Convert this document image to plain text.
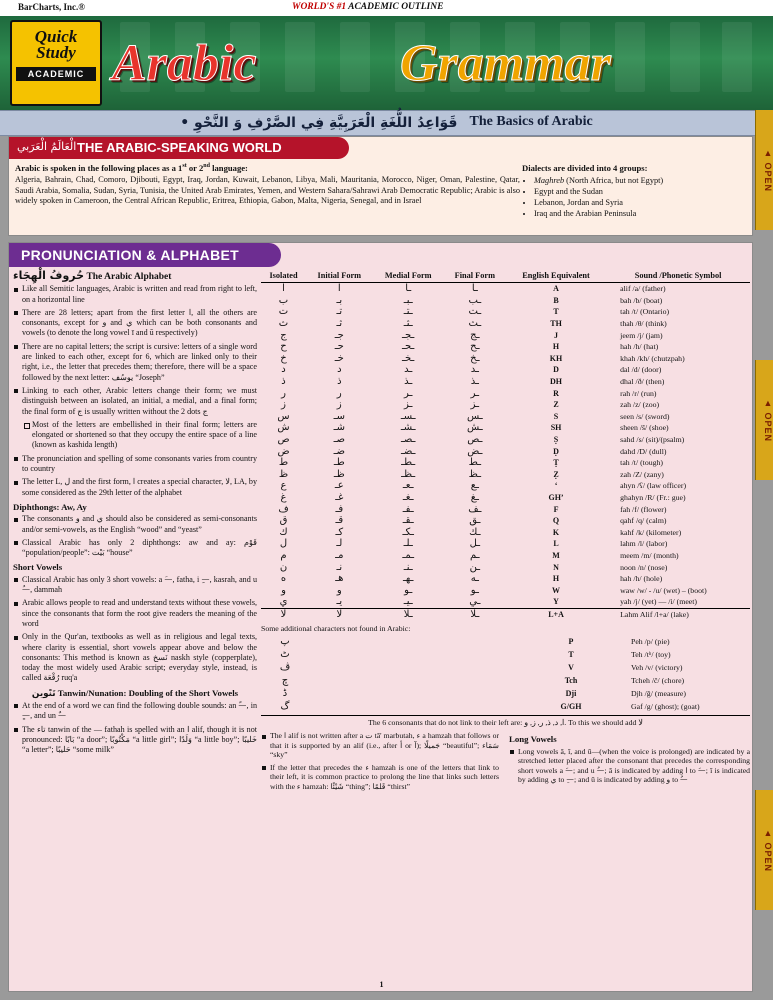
BarCharts, Inc.®	WORLD'S #1 ACADEMIC OUTLINE
Quick
Study
ACADEMIC Arabic	Grammar
• قَوَاعِدُ اللُّغَةِ الْعَرَبِيَّةِ فِي الصَّرْفِ وَ النَّحْوِ The Basics of Arabic
▲ OPEN
▲ OPEN
▲ OPEN
الْعَالَمُ الْعَرَبي THE ARABIC-SPEAKING WORLD
Arabic is spoken in the following places as a 1st or 2nd language:
Algeria, Bahrain, Chad, Comoro, Djibouti, Egypt, Iraq, Jordan, Kuwait, Lebanon, Libya, Mali, Mauritania, Morocco, Niger, Oman, Palestine, Qatar, Saudi Arabia, Somalia, Sudan, Syria, Tunisia, the United Arab Emirates, Yemen, and Western Sahara/Sahrawi Arab Democratic Republic; Arabic is also widely spoken in Cameroon, the Central African Republic, Eritrea, Ethiopia, Gabon, Malta, Nigeria, Senegal, and in Israel
Dialects are divided into 4 groups:
• Maghreb (North Africa, but not Egypt)
• Egypt and the Sudan
• Lebanon, Jordan and Syria
• Iraq and the Arabian Peninsula
PRONUNCIATION & ALPHABET
حُروفُ الْهِجَاء The Arabic Alphabet
Like all Semitic languages, Arabic is written and read from right to left, on a horizontal line
There are 28 letters; apart from the first letter ا, all the others are consonants, except for و and ي which can be both consonants and vowels (to denote the long vowel ī and ū respectively)
There are no capital letters; the script is cursive: letters of a single word are linked to each other, except for 6, which are linked only to their right, i.e., the letter that precedes them; therefore, there will be a space followed by the next letter: يوسُف “Joseph”
Linking to each other, Arabic letters change their form; we must distinguish between an isolated, an initial, a medial, and a final form; the final form of ج is usually written without the 2 dots ج
Most of the letters are embellished in their final form; letters are elongated or shortened so that they occupy the entire space of a line (known as kashida length)
The pronunciation and spelling of some consonants varies from country to country
The letter L, ل and the first form, ا creates a special character, لا, LA, by some considered as the 29th letter of the alphabet
Diphthongs: Aw, Ay
The consonants و and ي should also be considered as semi-consonants and/or semi-vowels, as the English “wood” and “yeast”
Classical Arabic has only 2 diphthongs: aw and ay: قَوْم “population/people”: بَيْت “house”
Short Vowels
Classical Arabic has only 3 short vowels: a —َ, fatha, i —ِ, kasrah, and u —ُ, dammah
Arabic allows people to read and understand texts without these vowels, since the consonants that form the root give readers the meaning of the word
Only in the Qur'an, textbooks as well as in religious and legal texts, where clarity is essential, short vowels appear above and below the consonants: This method is known as نَسخ naskh style (copperplate), today the most widely used Arabic script; everyday style, instead, is called رُقْعَة ruq'a
تَنْوين Tanwin/Nunation: Doubling of the Short Vowels
At the end of a word we can find the following double sounds: an —ً, in —ٍ, and un —ٌ
The تاء tanwin of the — fathah is spelled with an ا alif, though it is not pronounced: بَابًا “a door”; مَكْتُوبًا “a little girl”; وَلَدًا “a little boy”; خَليبًا “a letter”; حَليبًا “some milk”
Isolated	Initial Form	Medial Form	Final Form	English Equivalent	Sound /Phonetic Symbol
ا	ا	ـا	ـا	A	alif /a/ (father)
ب	بـ	ـبـ	ـب	B	bah /b/ (boat)
ت	تـ	ـتـ	ـت	T	tah /t/ (Ontario)
ث	ثـ	ـثـ	ـث	TH	thah /θ/ (think)
ج	جـ	ـجـ	ـج	J	jeem /j/ (jam)
ح	حـ	ـحـ	ـح	H	hah /h/ (hat)
خ	خـ	ـخـ	ـخ	KH	khah /kh/ (chutzpah)
د	د	ـد	ـد	D	dal /d/ (door)
ذ	ذ	ـذ	ـذ	DH	dhal /ð/ (then)
ر	ر	ـر	ـر	R	rah /r/ (run)
ز	ز	ـز	ـز	Z	zah /z/ (zoo)
س	سـ	ـسـ	ـس	S	seen /s/ (sword)
ش	شـ	ـشـ	ـش	SH	sheen /š/ (shoe)
ص	صـ	ـصـ	ـص	Ṣ	sahd /s/ (sit)/(psalm)
ض	ضـ	ـضـ	ـض	Ḍ	dahd /D/ (dull)
ط	طـ	ـطـ	ـط	Ṭ	tah /t/ (tough)
ظ	ظـ	ـظـ	ـظ	Ẓ	zah /Z/ (zany)
ع	عـ	ـعـ	ـع	‘	ahyn /ʕ/ (law officer)
غ	غـ	ـغـ	ـغ	GH’	ghahyn /R/ (Fr.: gue)
ف	فـ	ـفـ	ـف	F	fah /f/ (flower)
ق	قـ	ـقـ	ـق	Q	qahf /q/ (calm)
ك	كـ	ـكـ	ـك	K	kahf /k/ (kilometer)
ل	لـ	ـلـ	ـل	L	lahm /l/ (labor)
م	مـ	ـمـ	ـم	M	meem /m/ (month)
ن	نـ	ـنـ	ـن	N	noon /n/ (nose)
ه	هـ	ـهـ	ـه	H	hah /h/ (hole)
و	و	ـو	ـو	W	waw /w/ - /u/ (wet) – (boot)
ي	يـ	ـيـ	ـي	Y	yah /j/ (yet) — /i/ (meet)
لا	لا	ـلا	ـلا	L+A	Lahm Alif /l+a/ (lake)
Some additional characters not found in Arabic:
پ		P	Peh /p/ (pie)
ٹ		T	Teh /tʰ/ (toy)
ڤ		V	Veh /v/ (victory)
چ		Tch	Tcheh /č/ (chore)
ڈ		Dji	Djh /ǧ/ (measure)
گ		G/GH	Gaf /g/ (ghost); (goat)
The 6 consonants that do not link to their left are: ا, د, ذ, ر, ز, و. To this we should add لا
The ا alif is not written after a ت tā' marbutah, ء a hamzah that follows or that it is supported by an alif (i.e., after أ or آ); جَميلًا “beautiful”; سَمَاء “sky”
If the letter that precedes the ء hamzah is one of the letters that link to their left, it is common practice to prolong the line that links such letters with the ء hamzah: شَيْئًا “thing”; قَلمًا “thirst”
Long Vowels
Long vowels ā, ī, and ū—(when the voice is prolonged) are indicated by a stretched letter placed after the consonant that precedes the corresponding short vowels a —َ; and u —ُ; ā is indicated by adding ا to —َ; ī is indicated by adding ي to —ِ; and ū is indicated by adding و to —ُ
1
